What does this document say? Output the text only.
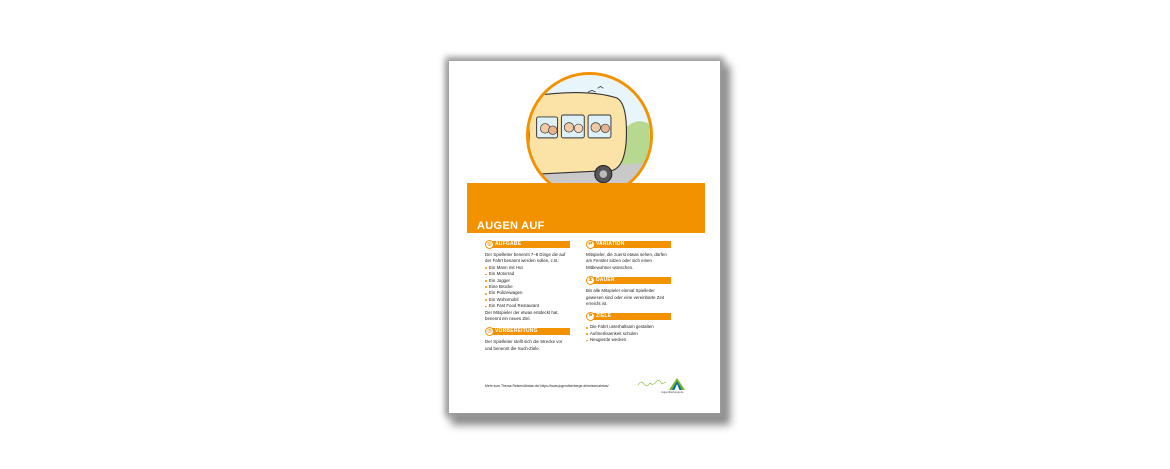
AUGEN AUF
◎ AUFGABE

Der Spielleiter benennt 7–8 Dinge die auf der Fahrt benannt werden sollen, z.B.:

Ein Mann mit Hut
Ein Motorrad
Ein Jogger
Eine Brücke
Ein Polizeiwagen
Ein Wohnmobil
Ein Fast Food Restaurant

Der Mitspieler der etwas entdeckt hat, benennt ein neues Ziel.

◷ VORBEREITUNG

Der Spielleiter stellt sich die Strecke vor und benennt die Such-Ziele.

⇄ VARIATION

Mitspieler, die zuerst etwas sehen, dürfen am Fenster sitzen oder sich einen Mitbewohner wünschen.

⧗ DAUER

Bis alle Mitspieler einmal Spielleiter gewesen sind oder eine vereinbarte Zeit erreicht ist.

⚑ ZIELE
Die Fahrt unterhaltsam gestalten
Aufmerksamkeit schulen
Neugierde wecken
Mehr zum Thema Reisen/Ahrtas.de/ https://www.jugendherberge.de/reisen/ahrtas/
Jugendherberge.de
